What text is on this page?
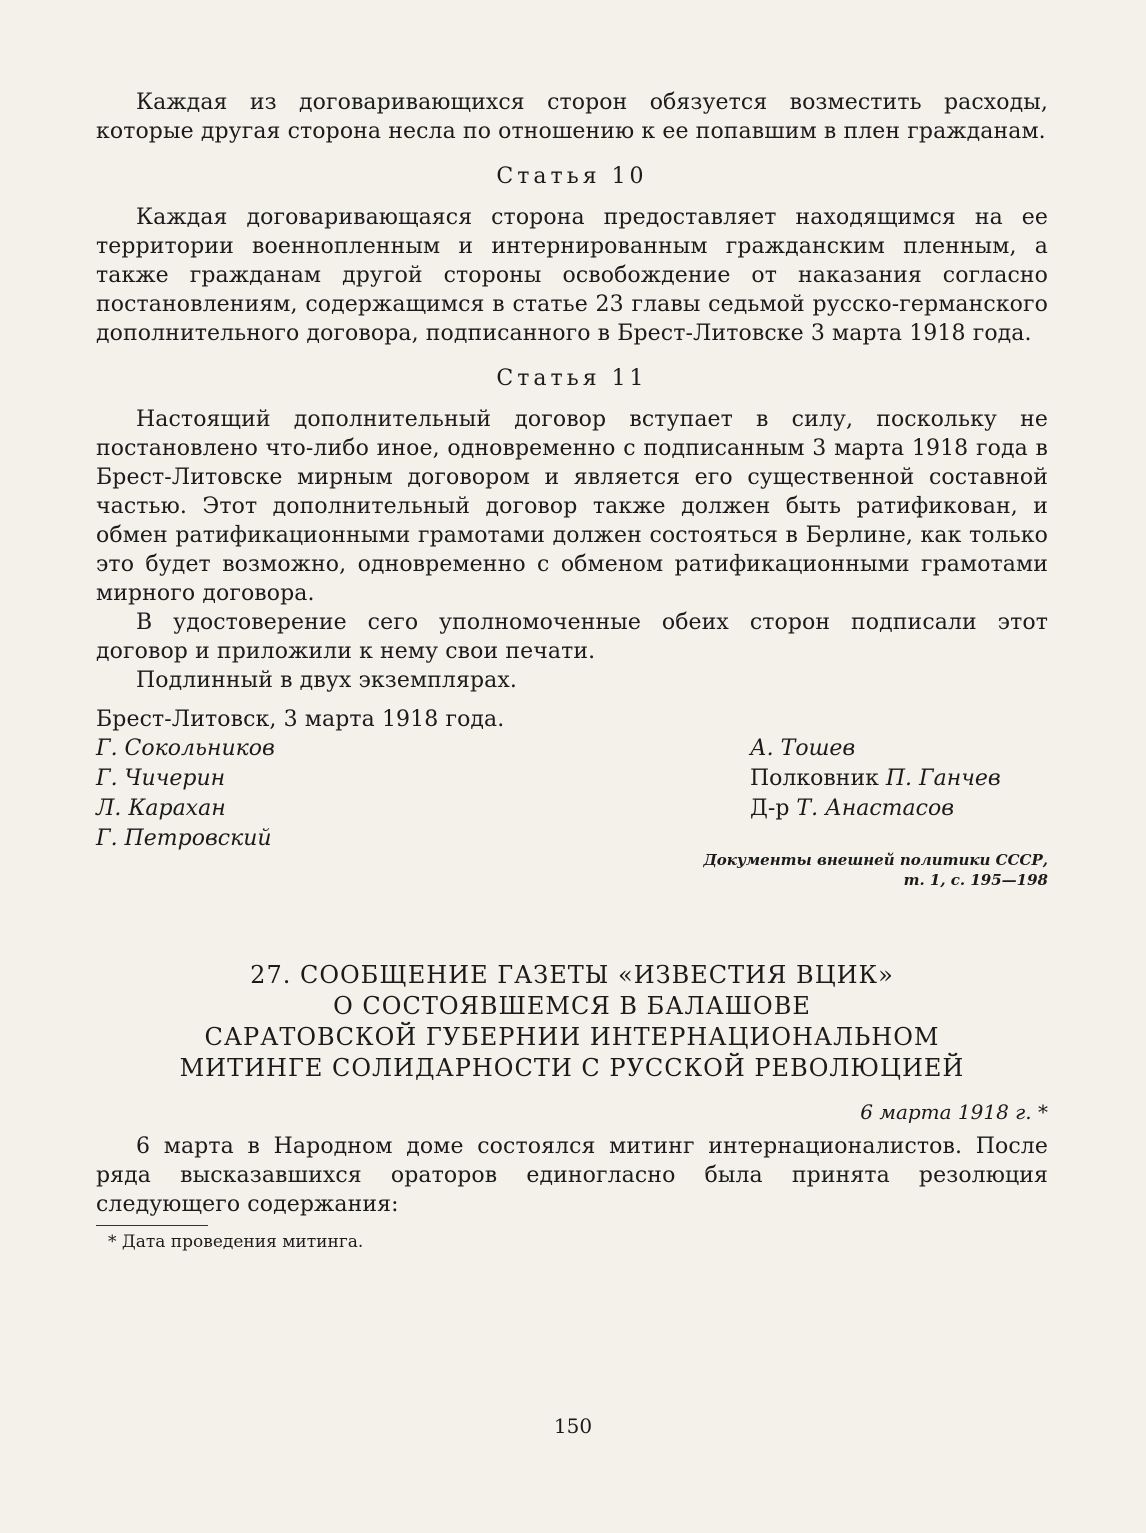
Каждая из договаривающихся сторон обязуется возместить расходы, которые другая сторона несла по отношению к ее попавшим в плен гражданам.

Статья 10

Каждая договаривающаяся сторона предоставляет находящимся на ее территории военнопленным и интернированным гражданским пленным, а также гражданам другой стороны освобождение от наказания согласно постановлениям, содержащимся в статье 23 главы седьмой русско-германского дополнительного договора, подписанного в Брест-Литовске 3 марта 1918 года.

Статья 11

Настоящий дополнительный договор вступает в силу, поскольку не постановлено что-либо иное, одновременно с подписанным 3 марта 1918 года в Брест-Литовске мирным договором и является его существенной составной частью. Этот дополнительный договор также должен быть ратификован, и обмен ратификационными грамотами должен состояться в Берлине, как только это будет возможно, одновременно с обменом ратификационными грамотами мирного договора.

В удостоверение сего уполномоченные обеих сторон подписали этот договор и приложили к нему свои печати.

Подлинный в двух экземплярах.

Брест-Литовск, 3 марта 1918 года.

Г. Сокольников
Г. Чичерин
Л. Карахан
Г. Петровский
А. Тошев
Полковник П. Ганчев
Д-р Т. Анастасов
Документы внешней политики СССР,
т. 1, с. 195—198
27. СООБЩЕНИЕ ГАЗЕТЫ «ИЗВЕСТИЯ ВЦИК»
О СОСТОЯВШЕМСЯ В БАЛАШОВЕ
САРАТОВСКОЙ ГУБЕРНИИ ИНТЕРНАЦИОНАЛЬНОМ
МИТИНГЕ СОЛИДАРНОСТИ С РУССКОЙ РЕВОЛЮЦИЕЙ
6 марта 1918 г. *

6 марта в Народном доме состоялся митинг интернационалистов. После ряда высказавшихся ораторов единогласно была принята резолюция следующего содержания:

* Дата проведения митинга.

150
